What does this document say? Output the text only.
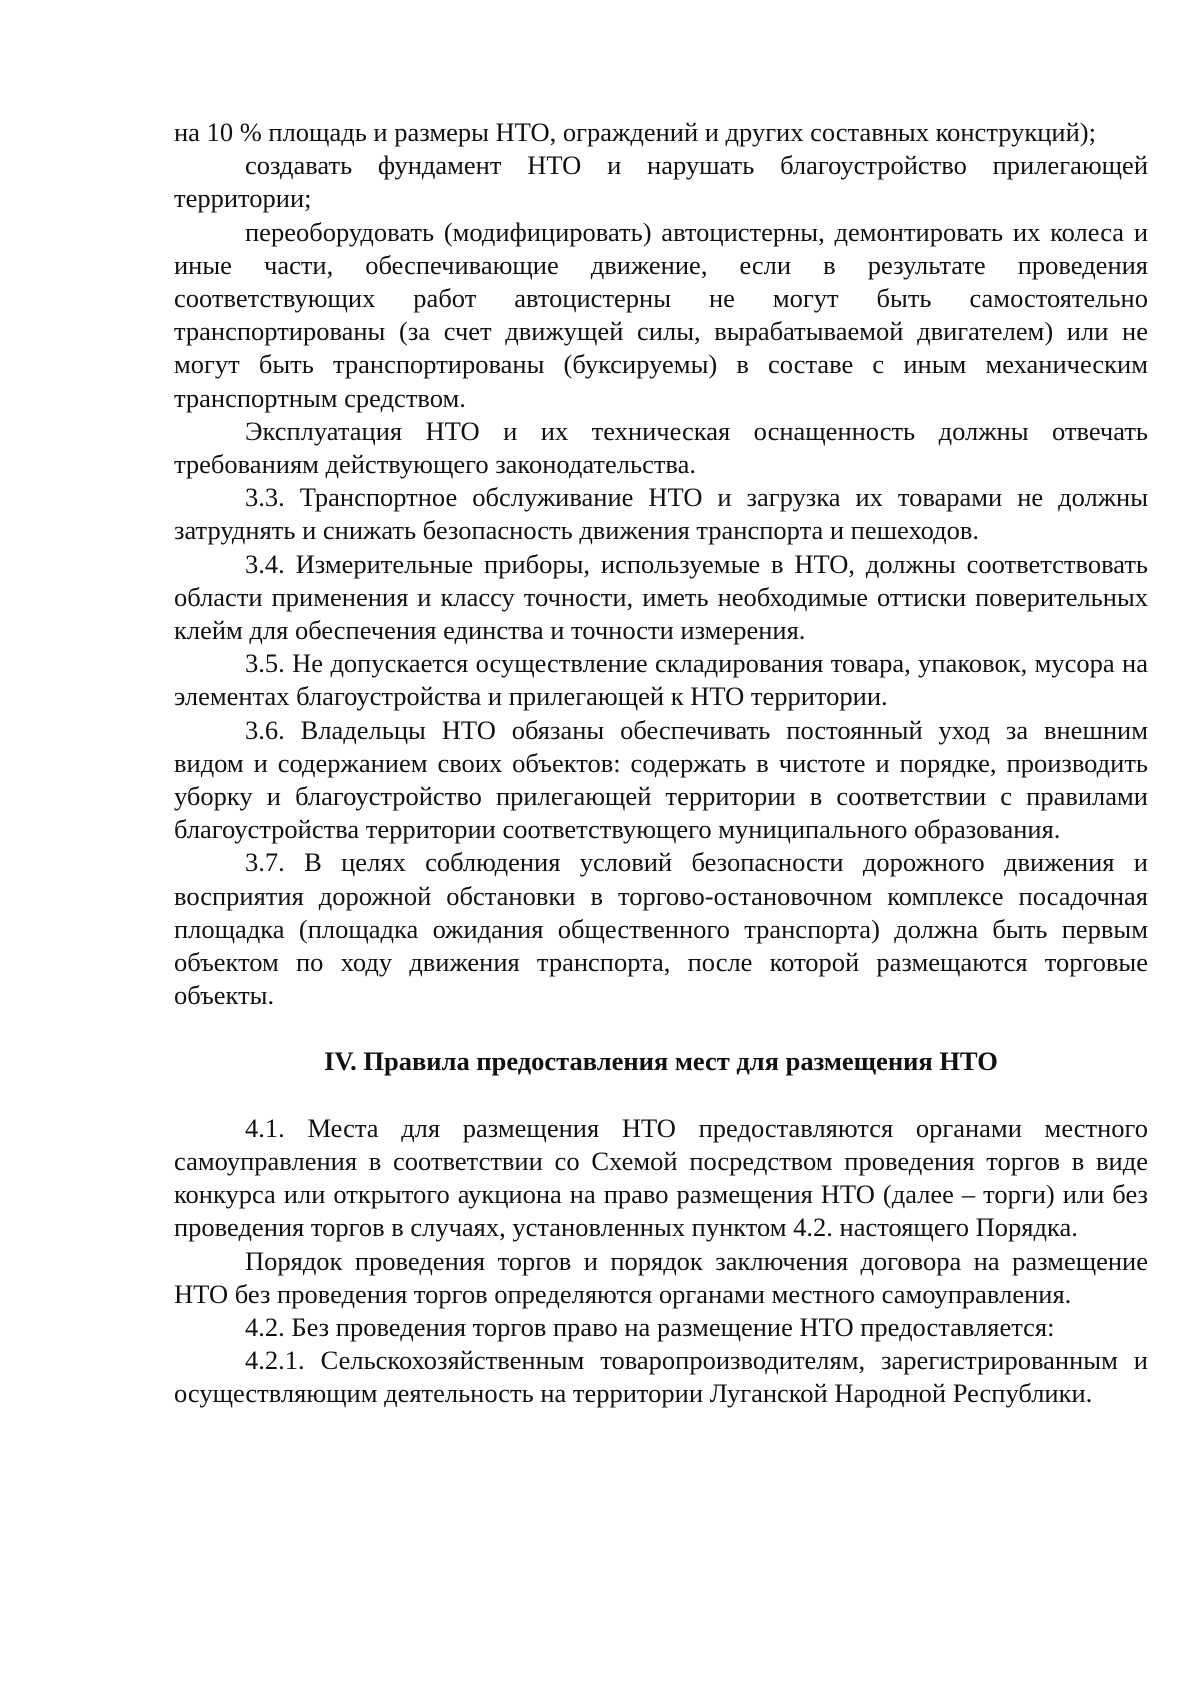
на 10 % площадь и размеры НТО, ограждений и других составных конструкций);

создавать фундамент НТО и нарушать благоустройство прилегающей территории;

переоборудовать (модифицировать) автоцистерны, демонтировать их колеса и иные части, обеспечивающие движение, если в результате проведения соответствующих работ автоцистерны не могут быть самостоятельно транспортированы (за счет движущей силы, вырабатываемой двигателем) или не могут быть транспортированы (буксируемы) в составе с иным механическим транспортным средством.

Эксплуатация НТО и их техническая оснащенность должны отвечать требованиям действующего законодательства.

3.3. Транспортное обслуживание НТО и загрузка их товарами не должны затруднять и снижать безопасность движения транспорта и пешеходов.

3.4. Измерительные приборы, используемые в НТО, должны соответствовать области применения и классу точности, иметь необходимые оттиски поверительных клейм для обеспечения единства и точности измерения.

3.5. Не допускается осуществление складирования товара, упаковок, мусора на элементах благоустройства и прилегающей к НТО территории.

3.6. Владельцы НТО обязаны обеспечивать постоянный уход за внешним видом и содержанием своих объектов: содержать в чистоте и порядке, производить уборку и благоустройство прилегающей территории в соответствии с правилами благоустройства территории соответствующего муниципального образования.

3.7. В целях соблюдения условий безопасности дорожного движения и восприятия дорожной обстановки в торгово-остановочном комплексе посадочная площадка (площадка ожидания общественного транспорта) должна быть первым объектом по ходу движения транспорта, после которой размещаются торговые объекты.

IV. Правила предоставления мест для размещения НТО

4.1. Места для размещения НТО предоставляются органами местного самоуправления в соответствии со Схемой посредством проведения торгов в виде конкурса или открытого аукциона на право размещения НТО (далее – торги) или без проведения торгов в случаях, установленных пунктом 4.2. настоящего Порядка.

Порядок проведения торгов и порядок заключения договора на размещение НТО без проведения торгов определяются органами местного самоуправления.

4.2. Без проведения торгов право на размещение НТО предоставляется:

4.2.1. Сельскохозяйственным товаропроизводителям, зарегистрированным и осуществляющим деятельность на территории Луганской Народной Республики.
